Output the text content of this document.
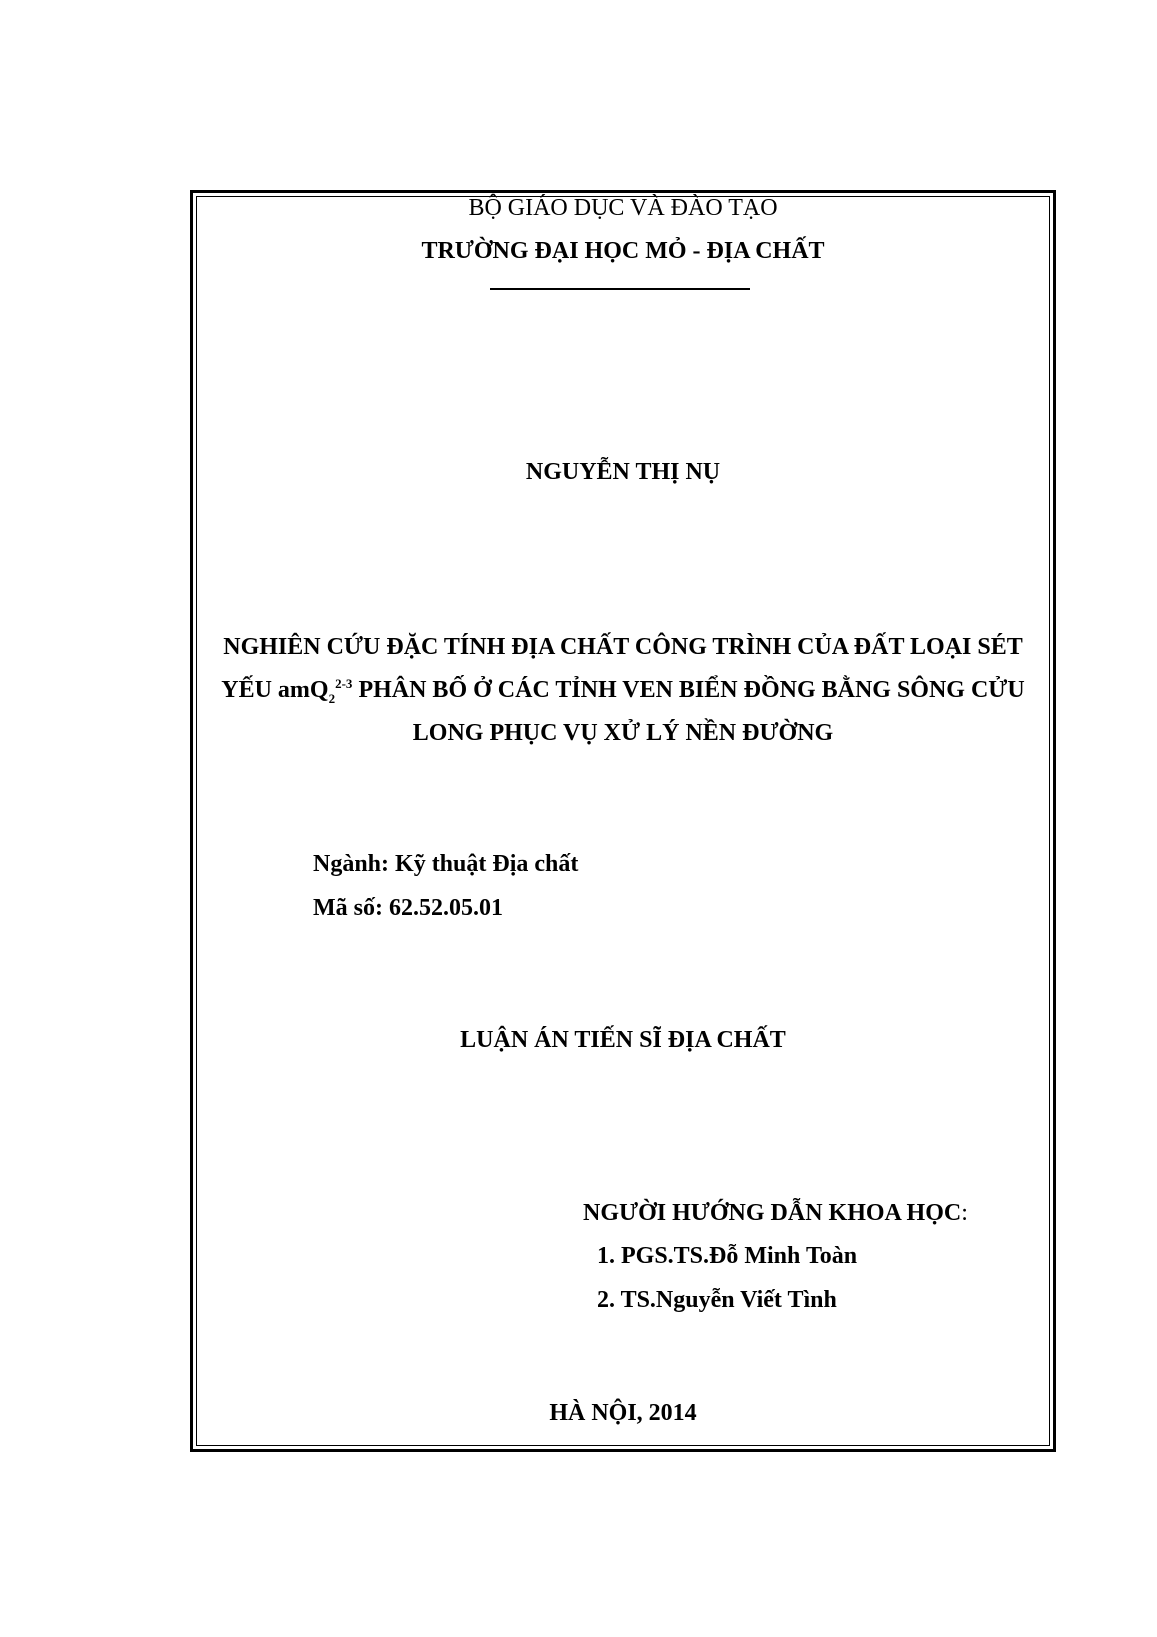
BỘ GIÁO DỤC VÀ ĐÀO TẠO
TRƯỜNG ĐẠI HỌC MỎ - ĐỊA CHẤT
NGUYỄN THỊ NỤ
NGHIÊN CỨU ĐẶC TÍNH ĐỊA CHẤT CÔNG TRÌNH CỦA ĐẤT LOẠI SÉT
YẾU amQ$_2^{2-3}$ PHÂN BỐ Ở CÁC TỈNH VEN BIỂN ĐỒNG BẰNG SÔNG CỬU
LONG PHỤC VỤ XỬ LÝ NỀN ĐƯỜNG
Ngành: Kỹ thuật Địa chất
Mã số: 62.52.05.01
LUẬN ÁN TIẾN SĨ ĐỊA CHẤT
NGƯỜI HƯỚNG DẪN KHOA HỌC:
1. PGS.TS.Đỗ Minh Toàn
2. TS.Nguyễn Viết Tình
HÀ NỘI, 2014
